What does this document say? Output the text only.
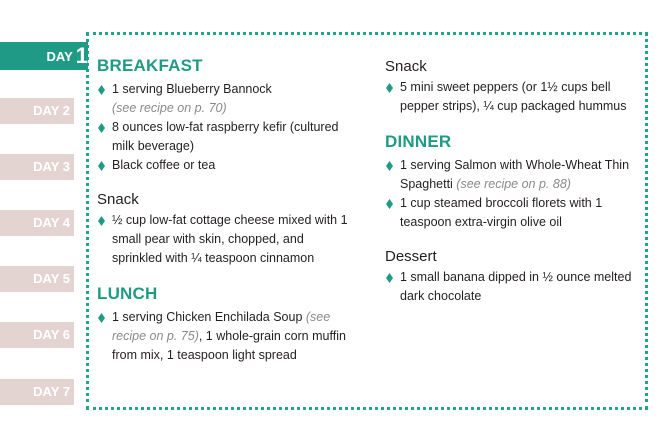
DAY 1
DAY 2
DAY 3
DAY 4
DAY 5
DAY 6
DAY 7
BREAKFAST
1 serving Blueberry Bannock
(see recipe on p. 70)
8 ounces low-fat raspberry kefir (cultured milk beverage)
Black coffee or tea
Snack
½ cup low-fat cottage cheese mixed with 1 small pear with skin, chopped, and sprinkled with ¼ teaspoon cinnamon
LUNCH
1 serving Chicken Enchilada Soup (see recipe on p. 75), 1 whole-grain corn muffin from mix, 1 teaspoon light spread
Snack
5 mini sweet peppers (or 1½ cups bell pepper strips), ¼ cup packaged hummus
DINNER
1 serving Salmon with Whole-Wheat Thin Spaghetti (see recipe on p. 88)
1 cup steamed broccoli florets with 1 teaspoon extra-virgin olive oil
Dessert
1 small banana dipped in ½ ounce melted dark chocolate
